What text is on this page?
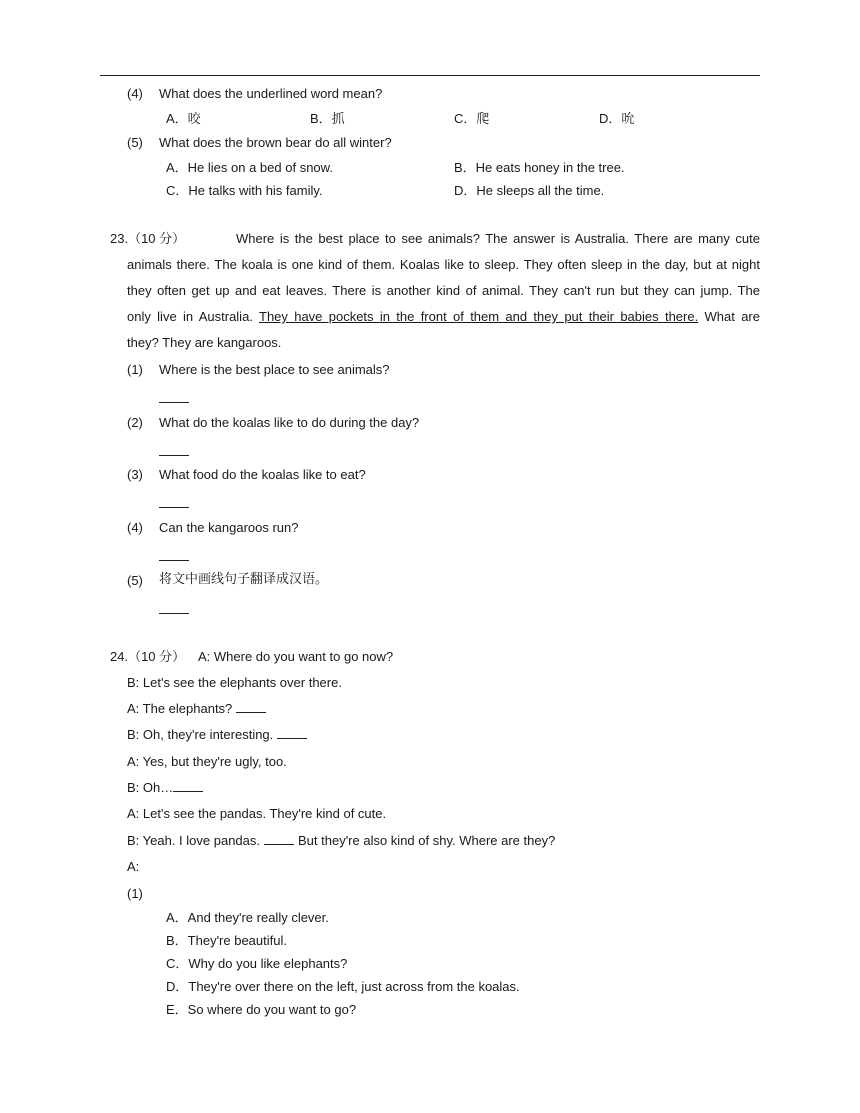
(4) What does the underlined word mean?
A．咬	B．抓	C．爬	D．吮
(5) What does the brown bear do all winter?
A．He lies on a bed of snow.	B．He eats honey in the tree.
C．He talks with his family.	D．He sleeps all the time.
23.（10 分）	Where is the best place to see animals? The answer is Australia. There are many cute
animals there. The koala is one kind of them. Koalas like to sleep. They often sleep in the day, but at night
they often get up and eat leaves. There is another kind of animal. They can't run but they can jump. The
only live in Australia. They have pockets in the front of them and they put their babies there. What are
they? They are kangaroos.
(1) Where is the best place to see animals?
(2) What do the koalas like to do during the day?
(3) What food do the koalas like to eat?
(4) Can the kangaroos run?
(5) 将文中画线句子翻译成汉语。
24.（10 分） A: Where do you want to go now?
B: Let's see the elephants over there.
A: The elephants?
B: Oh, they're interesting.
A: Yes, but they're ugly, too.
B: Oh…
A: Let's see the pandas. They're kind of cute.
B: Yeah. I love pandas.	But they're also kind of shy. Where are they?
A:
(1)
A．And they're really clever.
B．They're beautiful.
C．Why do you like elephants?
D．They're over there on the left, just across from the koalas.
E．So where do you want to go?
